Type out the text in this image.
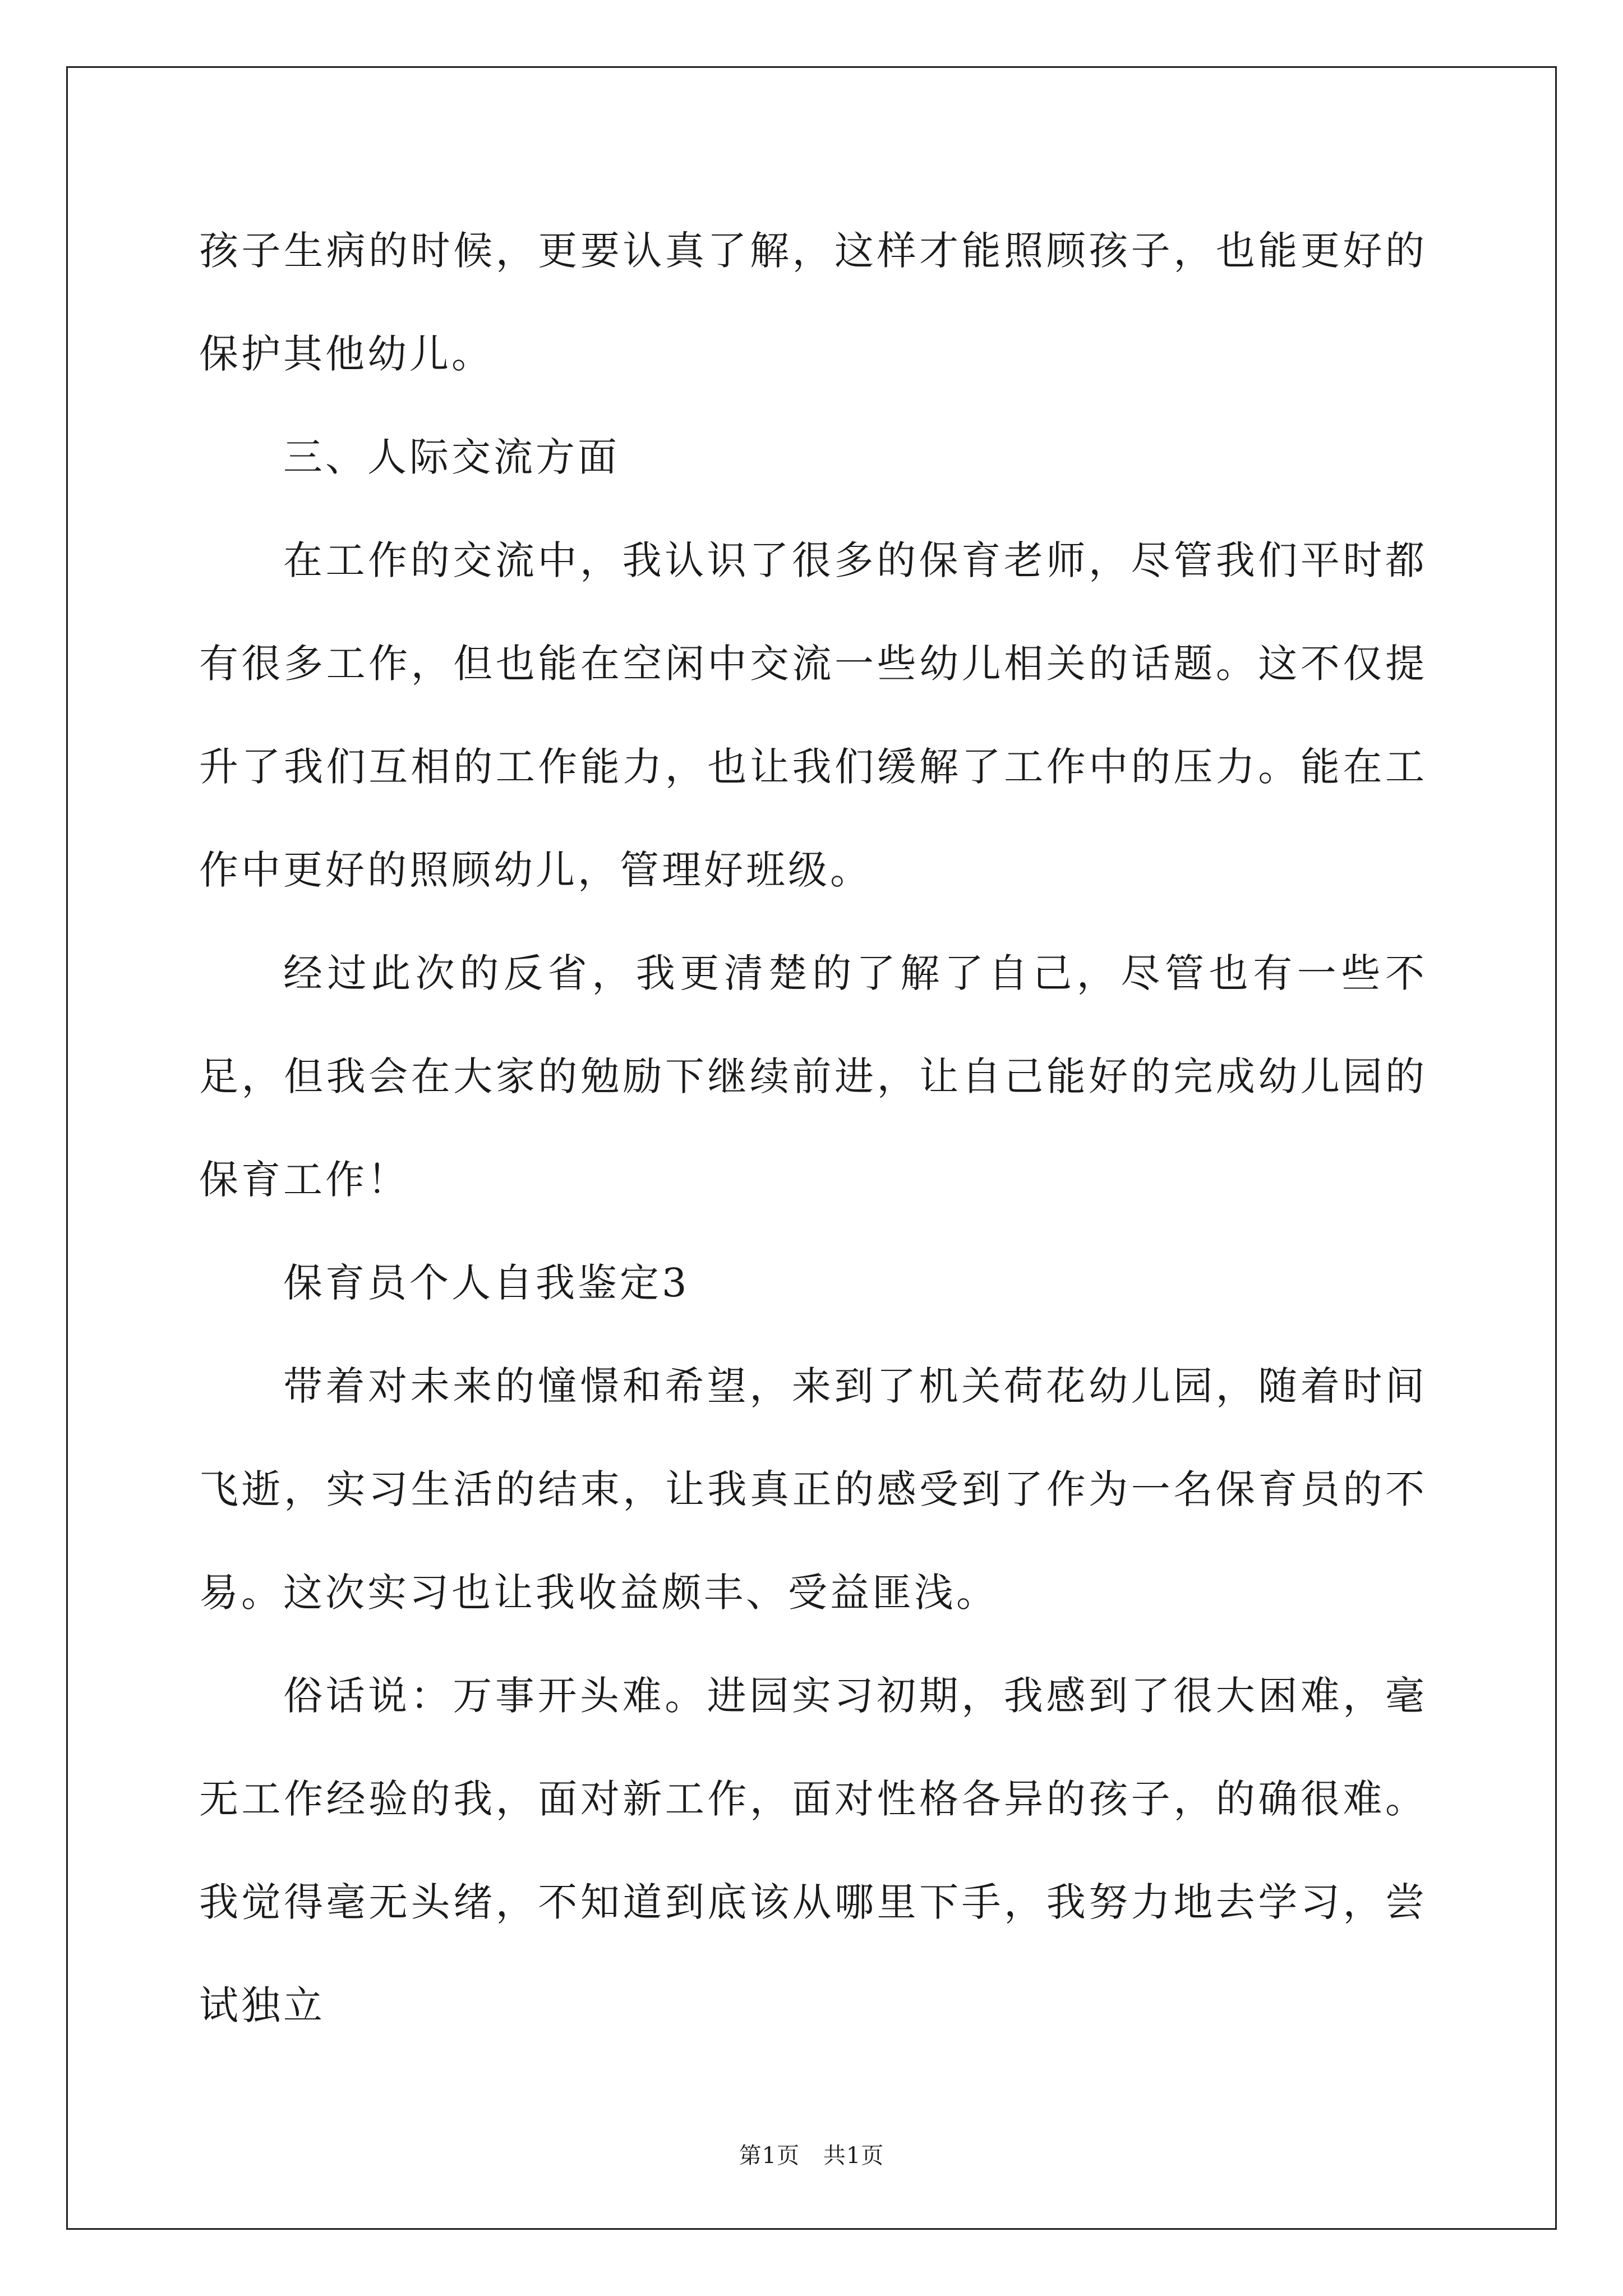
孩子生病的时候，更要认真了解，这样才能照顾孩子，也能更好的保护其他幼儿。

三、人际交流方面

在工作的交流中，我认识了很多的保育老师，尽管我们平时都有很多工作，但也能在空闲中交流一些幼儿相关的话题。这不仅提升了我们互相的工作能力，也让我们缓解了工作中的压力。能在工作中更好的照顾幼儿，管理好班级。

经过此次的反省，我更清楚的了解了自己，尽管也有一些不足，但我会在大家的勉励下继续前进，让自己能好的完成幼儿园的保育工作！

保育员个人自我鉴定3

带着对未来的憧憬和希望，来到了机关荷花幼儿园，随着时间飞逝，实习生活的结束，让我真正的感受到了作为一名保育员的不易。这次实习也让我收益颇丰、受益匪浅。

俗话说：万事开头难。进园实习初期，我感到了很大困难，毫无工作经验的我，面对新工作，面对性格各异的孩子，的确很难。我觉得毫无头绪，不知道到底该从哪里下手，我努力地去学习，尝试独立

第1页 共1页
